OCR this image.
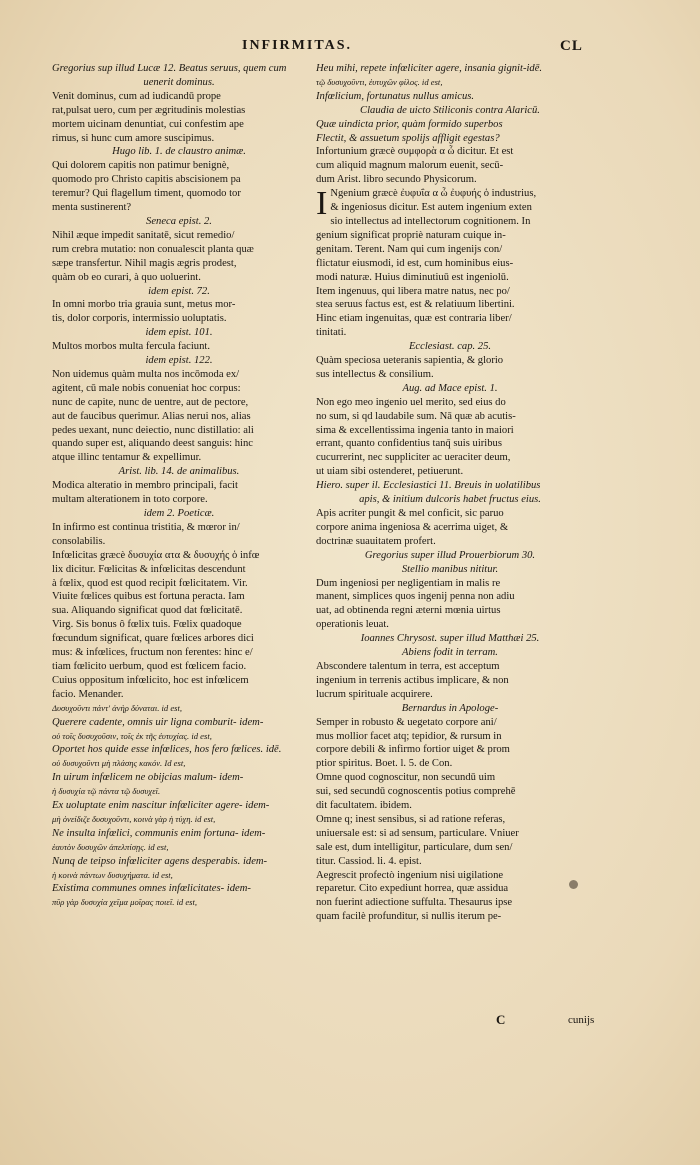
INFIRMITAS.	CL

Gregorius sup illud Lucæ 12. Beatus seruus, quem cum

uenerit dominus.

Venit dominus, cum ad iudicandū prope

rat,pulsat uero, cum per ægritudinis molestias

mortem uicinam denuntiat, cui confestim ape

rimus, si hunc cum amore suscipimus.

Hugo lib. 1. de claustro animæ.

Qui dolorem capitis non patimur benignè,

quomodo pro Christo capitis abscisionem pa

teremur? Qui flagellum timent, quomodo tor

menta sustinerent?

Seneca epist. 2.

Nihil æque impedit sanitatē, sicut remedio/

rum crebra mutatio: non conualescit planta quæ

sæpe transfertur. Nihil magis ægris prodest,

quàm ob eo curari, à quo uoluerint.

idem epist. 72.

In omni morbo tria grauia sunt, metus mor-

tis, dolor corporis, intermissio uoluptatis.

idem epist. 101.

Multos morbos multa fercula faciunt.

idem epist. 122.

Non uidemus quàm multa nos incōmoda ex/

agitent, cū male nobis conueniat hoc corpus:

nunc de capite, nunc de uentre, aut de pectore,

aut de faucibus querimur. Alias nerui nos, alias

pedes uexant, nunc deiectio, nunc distillatio: ali

quando super est, aliquando deest sanguis: hinc

atque illinc tentamur & expellimur.

Arist. lib. 14. de animalibus.

Modica alteratio in membro principali, facit

multam alterationem in toto corpore.

idem 2. Poeticæ.

In infirmo est continua tristitia, & mœror in/

consolabilis.

Infœlicitas græcè δυσυχία ατα & δυσυχής ὁ infœ

lix dicitur. Fœlicitas & infœlicitas descendunt

à fœlix, quod est quod recipit fœlicitatem. Vir.

Viuite fœlices quibus est fortuna peracta. Iam

sua. Aliquando significat quod dat fœlicitatē.

Virg. Sis bonus ô fœlix tuis. Fœlix quadoque

fœcundum significat, quare fœlices arbores dici

mus: & infœlices, fructum non ferentes: hinc e/

tiam fœlicito uerbum, quod est fœlicem facio.

Cuius oppositum infœlicito, hoc est infœlicem

facio. Menander.

Δυσυχοῦντι πάντ' ἀνὴρ δύναται. id est,

Querere cadente, omnis uir ligna comburit- idem-

οὐ τοῖς δυσυχοῦσιν, τοῖς ἐκ τῆς ἐυτυχίας. id est,

Oportet hos quide esse infœlices, hos fero fœlices. idē.

οὐ δυσυχοῦντι μὴ πλάσης κακόν. Id est,

In uirum infœlicem ne obijcias malum- idem-

ἡ δυσυχία τῷ πάντα τῷ δυσυχεῖ.

Ex uoluptate enim nascitur infœliciter agere- idem-

μὴ ὀνείδιζε δυσυχοῦντι, κοινὰ γὰρ ἡ τύχη. id est,

Ne insulta infœlici, communis enim fortuna- idem-

ἑαυτὸν δυσυχῶν ἀπελπίσῃς. id est,

Nunq de teipso infœliciter agens desperabis. idem-

ἡ κοινὰ πάντων δυσυχήματα. id est,

Existima communes omnes infœlicitates- idem-

πῦρ γὰρ δυσυχία χεῖμα μοῖρας ποιεῖ. id est,

Heu mihi, repete infœliciter agere, insania gignit-idē.

τῷ δυσυχοῦντι, ἐυτυχῶν φίλος. id est,

Infœlicium, fortunatus nullus amicus.

Claudia de uicto Stiliconis contra Alaricū.

Quæ uindicta prior, quàm formido superbos

Flectit, & assuetum spolijs affligit egestas?

Infortunium græcè συμφορὰ α ὦ dicitur. Et est

cum aliquid magnum malorum euenit, secū-

dum Arist. libro secundo Physicorum.

I Ngenium græcè ἐυφυΐα α ὦ ἐυφυής ὁ industrius,

& ingeniosus dicitur. Est autem ingenium exten

sio intellectus ad intellectorum cognitionem. In

genium significat propriè naturam cuique in-

genitam. Terent. Nam qui cum ingenijs con/

flictatur eiusmodi, id est, cum hominibus eius-

modi naturæ. Huius diminutiuū est ingeniolū.

Item ingenuus, qui libera matre natus, nec po/

stea seruus factus est, est & relatiuum libertini.

Hinc etiam ingenuitas, quæ est contraria liber/

tinitati.

Ecclesiast. cap. 25.

Quàm speciosa ueteranis sapientia, & glorio

sus intellectus & consilium.

Aug. ad Mace epist. 1.

Non ego meo ingenio uel merito, sed eius do

no sum, si qd laudabile sum. Nā quæ ab acutis-

sima & excellentissima ingenia tanto in maiori

errant, quanto confidentius tanq̄ suis uiribus

cucurrerint, nec suppliciter ac ueraciter deum,

ut uiam sibi ostenderet, petiuerunt.

Hiero. super il. Ecclesiastici 11. Breuis in uolatilibus

apis, & initium dulcoris habet fructus eius.

Apis acriter pungit & mel conficit, sic paruo

corpore anima ingeniosa & acerrima uiget, &

doctrinæ suauitatem profert.

Gregorius super illud Prouerbiorum 30.

Stellio manibus nititur.

Dum ingeniosi per negligentiam in malis re

manent, simplices quos ingenij penna non adiu

uat, ad obtinenda regni æterni mœnia uirtus

operationis leuat.

Ioannes Chrysost. super illud Matthæi 25.

Abiens fodit in terram.

Abscondere talentum in terra, est acceptum

ingenium in terrenis actibus implicare, & non

lucrum spirituale acquirere.

Bernardus in Apologe-

Semper in robusto & uegetato corpore ani/

mus mollior facet atq; tepidior, & rursum in

corpore debili & infirmo fortior uiget & prom

ptior spiritus. Boet. l. 5. de Con.

Omne quod cognoscitur, non secundū uim

sui, sed secundū cognoscentis potius comprehē

dit facultatem. ibidem.

Omne q; inest sensibus, si ad ratione referas,

uniuersale est: si ad sensum, particulare. Vniuer

sale est, dum intelligitur, particulare, dum sen/

titur. Cassiod. li. 4. epist.

Aegrescit profectò ingenium nisi uigilatione

reparetur. Cito expediunt horrea, quæ assidua

non fuerint adiectione suffulta. Thesaurus ipse

quam facilè profunditur, si nullis iterum pe-

C	cunijs
